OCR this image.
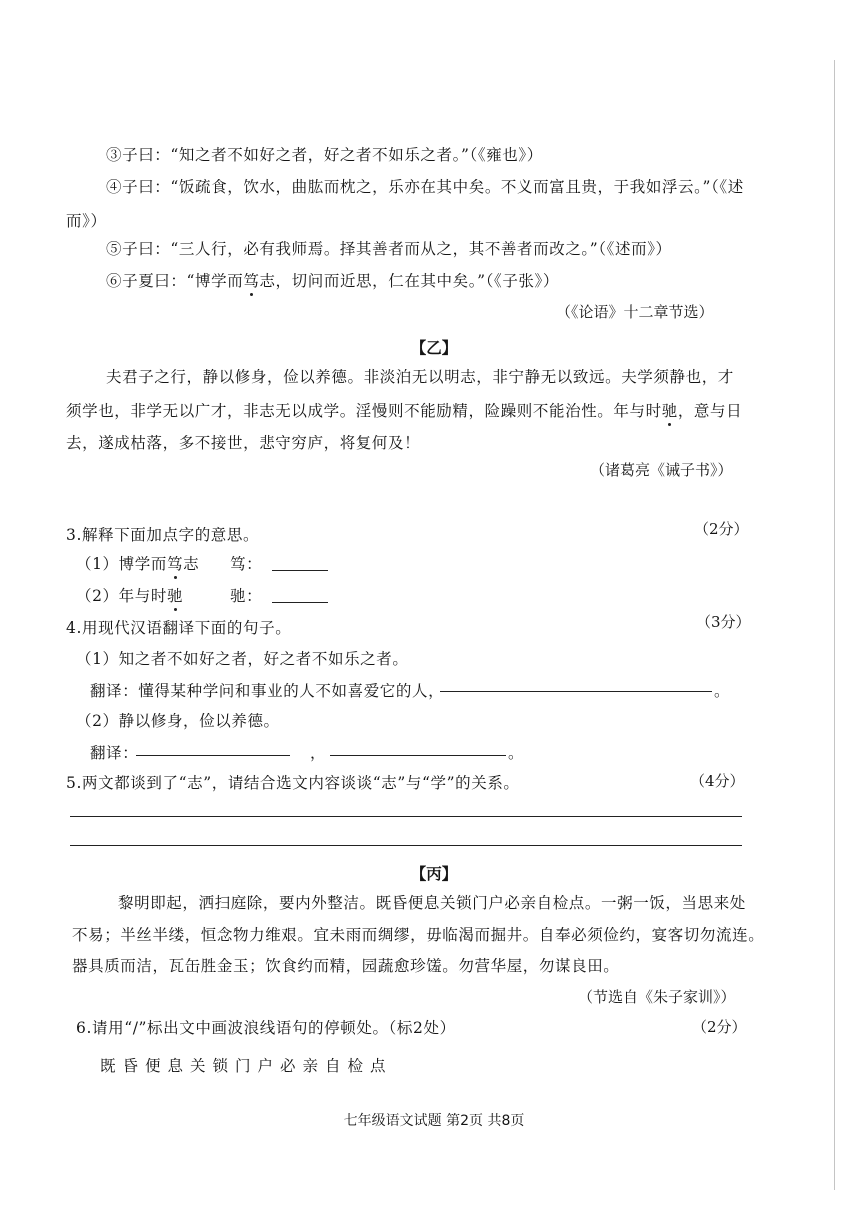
③子曰：“知之者不如好之者，好之者不如乐之者。”（《雍也》）
④子曰：“饭疏食，饮水，曲肱而枕之，乐亦在其中矣。不义而富且贵，于我如浮云。”（《述
而》）
⑤子曰：“三人行，必有我师焉。择其善者而从之，其不善者而改之。”（《述而》）
⑥子夏曰：“博学而笃志，切问而近思，仁在其中矣。”（《子张》）
（《论语》十二章节选）
【乙】
夫君子之行，静以修身，俭以养德。非淡泊无以明志，非宁静无以致远。夫学须静也，才
须学也，非学无以广才，非志无以成学。淫慢则不能励精，险躁则不能治性。年与时驰，意与日
去，遂成枯落，多不接世，悲守穷庐，将复何及！
（诸葛亮《诫子书》）
3.解释下面加点字的意思。	（2分）
（1）博学而笃志 笃：
（2）年与时驰	驰：
4.用现代汉语翻译下面的句子。	（3分）
（1）知之者不如好之者，好之者不如乐之者。
翻译：懂得某种学问和事业的人不如喜爱它的人，	。
（2）静以修身，俭以养德。
翻译：	，	。
5.两文都谈到了“志”，请结合选文内容谈谈“志”与“学”的关系。	（4分）
【丙】
黎明即起，洒扫庭除，要内外整洁。既昏便息关锁门户必亲自检点。一粥一饭，当思来处
不易；半丝半缕，恒念物力维艰。宜未雨而绸缪，毋临渴而掘井。自奉必须俭约，宴客切勿流连。
器具质而洁，瓦缶胜金玉；饮食约而精，园蔬愈珍馐。勿营华屋，勿谋良田。
（节选自《朱子家训》）
6.请用“/”标出文中画波浪线语句的停顿处。（标2处）	（2分）
既昏便息关锁门户必亲自检点
七年级语文试题 第2页 共8页
